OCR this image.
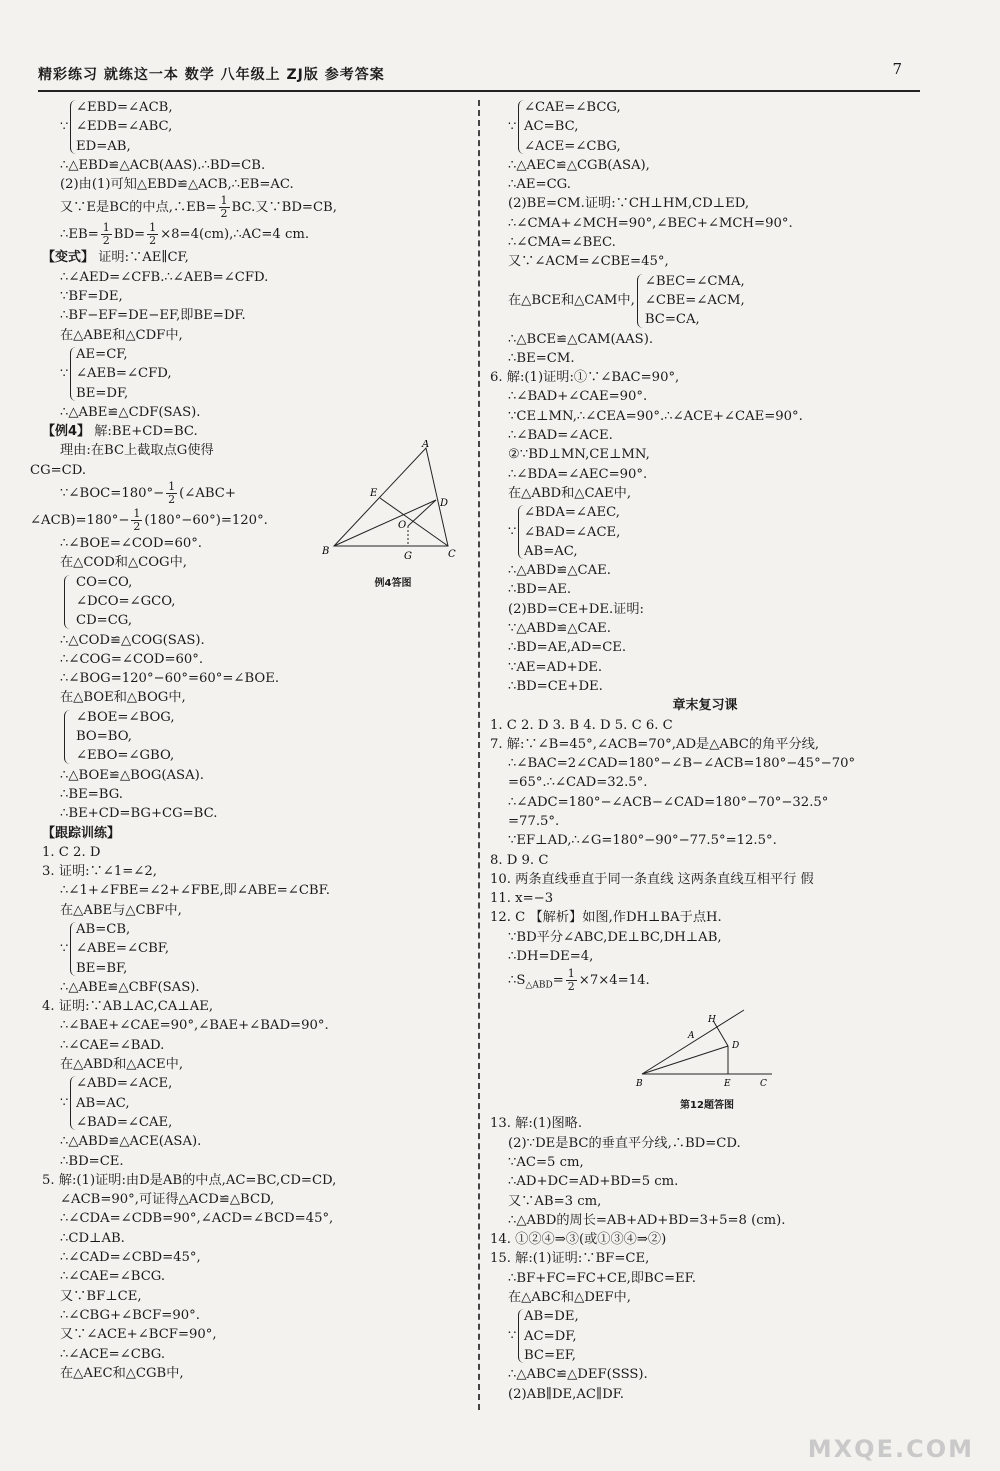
精彩练习 就练这一本 数学 八年级上 ZJ版 参考答案	7
∵
∠EBD=∠ACB,
∠EDB=∠ABC,
ED=AB,
∴△EBD≌△ACB(AAS).∴BD=CB.
(2)由(1)可知△EBD≌△ACB,∴EB=AC.
又∵E是BC的中点,∴EB= $\frac{1}{2}$ BC.又∵BD=CB,
∴EB= $\frac{1}{2} BD= \frac{1}{2}$ ×8=4(cm),∴AC=4 cm.
【变式】 证明:∵AE∥CF,
∴∠AED=∠CFB.∴∠AEB=∠CFD.
∵BF=DE,
∴BF−EF=DE−EF,即BE=DF.
在△ABE和△CDF中,
∵
AE=CF,
∠AEB=∠CFD,
BE=DF,
∴△ABE≌△CDF(SAS).
【例4】 解:BE+CD=BC.
理由:在BC上截取点G使得
CG=CD.
∵∠BOC=180°− $\frac{1}{2}$ (∠ABC+
∠ACB)=180°− $\frac{1}{2} (180^\circ-60^\circ)=120^\circ$.
∴∠BOE=∠COD=60°.
在△COD和△COG中,
CO=CO,
∠DCO=∠GCO,
CD=CG,
∴△COD≌△COG(SAS).
∴∠COG=∠COD=60°.
∴∠BOG=120°−60°=60°=∠BOE.
在△BOE和△BOG中,
∠BOE=∠BOG,
BO=BO,
∠EBO=∠GBO,
∴△BOE≌△BOG(ASA).
∴BE=BG.
∴BE+CD=BG+CG=BC.
【跟踪训练】
1. C 2. D
3. 证明:∵∠1=∠2,
∴∠1+∠FBE=∠2+∠FBE,即∠ABE=∠CBF.
在△ABE与△CBF中,
∵
AB=CB,
∠ABE=∠CBF,
BE=BF,
∴△ABE≌△CBF(SAS).
4. 证明:∵AB⊥AC,CA⊥AE,
∴∠BAE+∠CAE=90°,∠BAE+∠BAD=90°.
∴∠CAE=∠BAD.
在△ABD和△ACE中,
∵
∠ABD=∠ACE,
AB=AC,
∠BAD=∠CAE,
∴△ABD≌△ACE(ASA).
∴BD=CE.
5. 解:(1)证明:由D是AB的中点,AC=BC,CD=CD,
∠ACB=90°,可证得△ACD≌△BCD,
∴∠CDA=∠CDB=90°,∠ACD=∠BCD=45°,
∴CD⊥AB.
∴∠CAD=∠CBD=45°,
∴∠CAE=∠BCG.
又∵BF⊥CE,
∴∠CBG+∠BCF=90°.
又∵∠ACE+∠BCF=90°,
∴∠ACE=∠CBG.
在△AEC和△CGB中,
A
B	C
D
E
G
O
例4答图
∵
∠CAE=∠BCG,
AC=BC,
∠ACE=∠CBG,
∴△AEC≌△CGB(ASA),
∴AE=CG.
(2)BE=CM.证明:∵CH⊥HM,CD⊥ED,
∴∠CMA+∠MCH=90°,∠BEC+∠MCH=90°.
∴∠CMA=∠BEC.
又∵∠ACM=∠CBE=45°,
在△BCE和△CAM中,
∠BEC=∠CMA,
∠CBE=∠ACM,
BC=CA,
∴△BCE≌△CAM(AAS).
∴BE=CM.
6. 解:(1)证明:①∵∠BAC=90°,
∴∠BAD+∠CAE=90°.
∵CE⊥MN,∴∠CEA=90°.∴∠ACE+∠CAE=90°.
∴∠BAD=∠ACE.
②∵BD⊥MN,CE⊥MN,
∴∠BDA=∠AEC=90°.
在△ABD和△CAE中,
∵
∠BDA=∠AEC,
∠BAD=∠ACE,
AB=AC,
∴△ABD≌△CAE.
∴BD=AE.
(2)BD=CE+DE.证明:
∵△ABD≌△CAE.
∴BD=AE,AD=CE.
∵AE=AD+DE.
∴BD=CE+DE.
章末复习课
1. C 2. D 3. B 4. D 5. C 6. C
7. 解:∵∠B=45°,∠ACB=70°,AD是△ABC的角平分线,
∴∠BAC=2∠CAD=180°−∠B−∠ACB=180°−45°−70°
=65°.∴∠CAD=32.5°.
∴∠ADC=180°−∠ACB−∠CAD=180°−70°−32.5°
=77.5°.
∵EF⊥AD,∴∠G=180°−90°−77.5°=12.5°.
8. D 9. C
10. 两条直线垂直于同一条直线 这两条直线互相平行 假
11. x=−3
12. C 【解析】如图,作DH⊥BA于点H.
∵BD平分∠ABC,DE⊥BC,DH⊥AB,
∴DH=DE=4,
$\therefore S_{\triangle ABD}= \frac{1}{2} \times 7\times 4=14$.
H
A
D
B	E	C
第12题答图
13. 解:(1)图略.
(2)∵DE是BC的垂直平分线,∴BD=CD.
∵AC=5 cm,
∴AD+DC=AD+BD=5 cm.
又∵AB=3 cm,
∴△ABD的周长=AB+AD+BD=3+5=8 (cm).
14. ①②④⇒③(或①③④⇒②)
15. 解:(1)证明:∵BF=CE,
∴BF+FC=FC+CE,即BC=EF.
在△ABC和△DEF中,
∵
AB=DE,
AC=DF,
BC=EF,
∴△ABC≌△DEF(SSS).
(2)AB∥DE,AC∥DF.
MXQE.COM
